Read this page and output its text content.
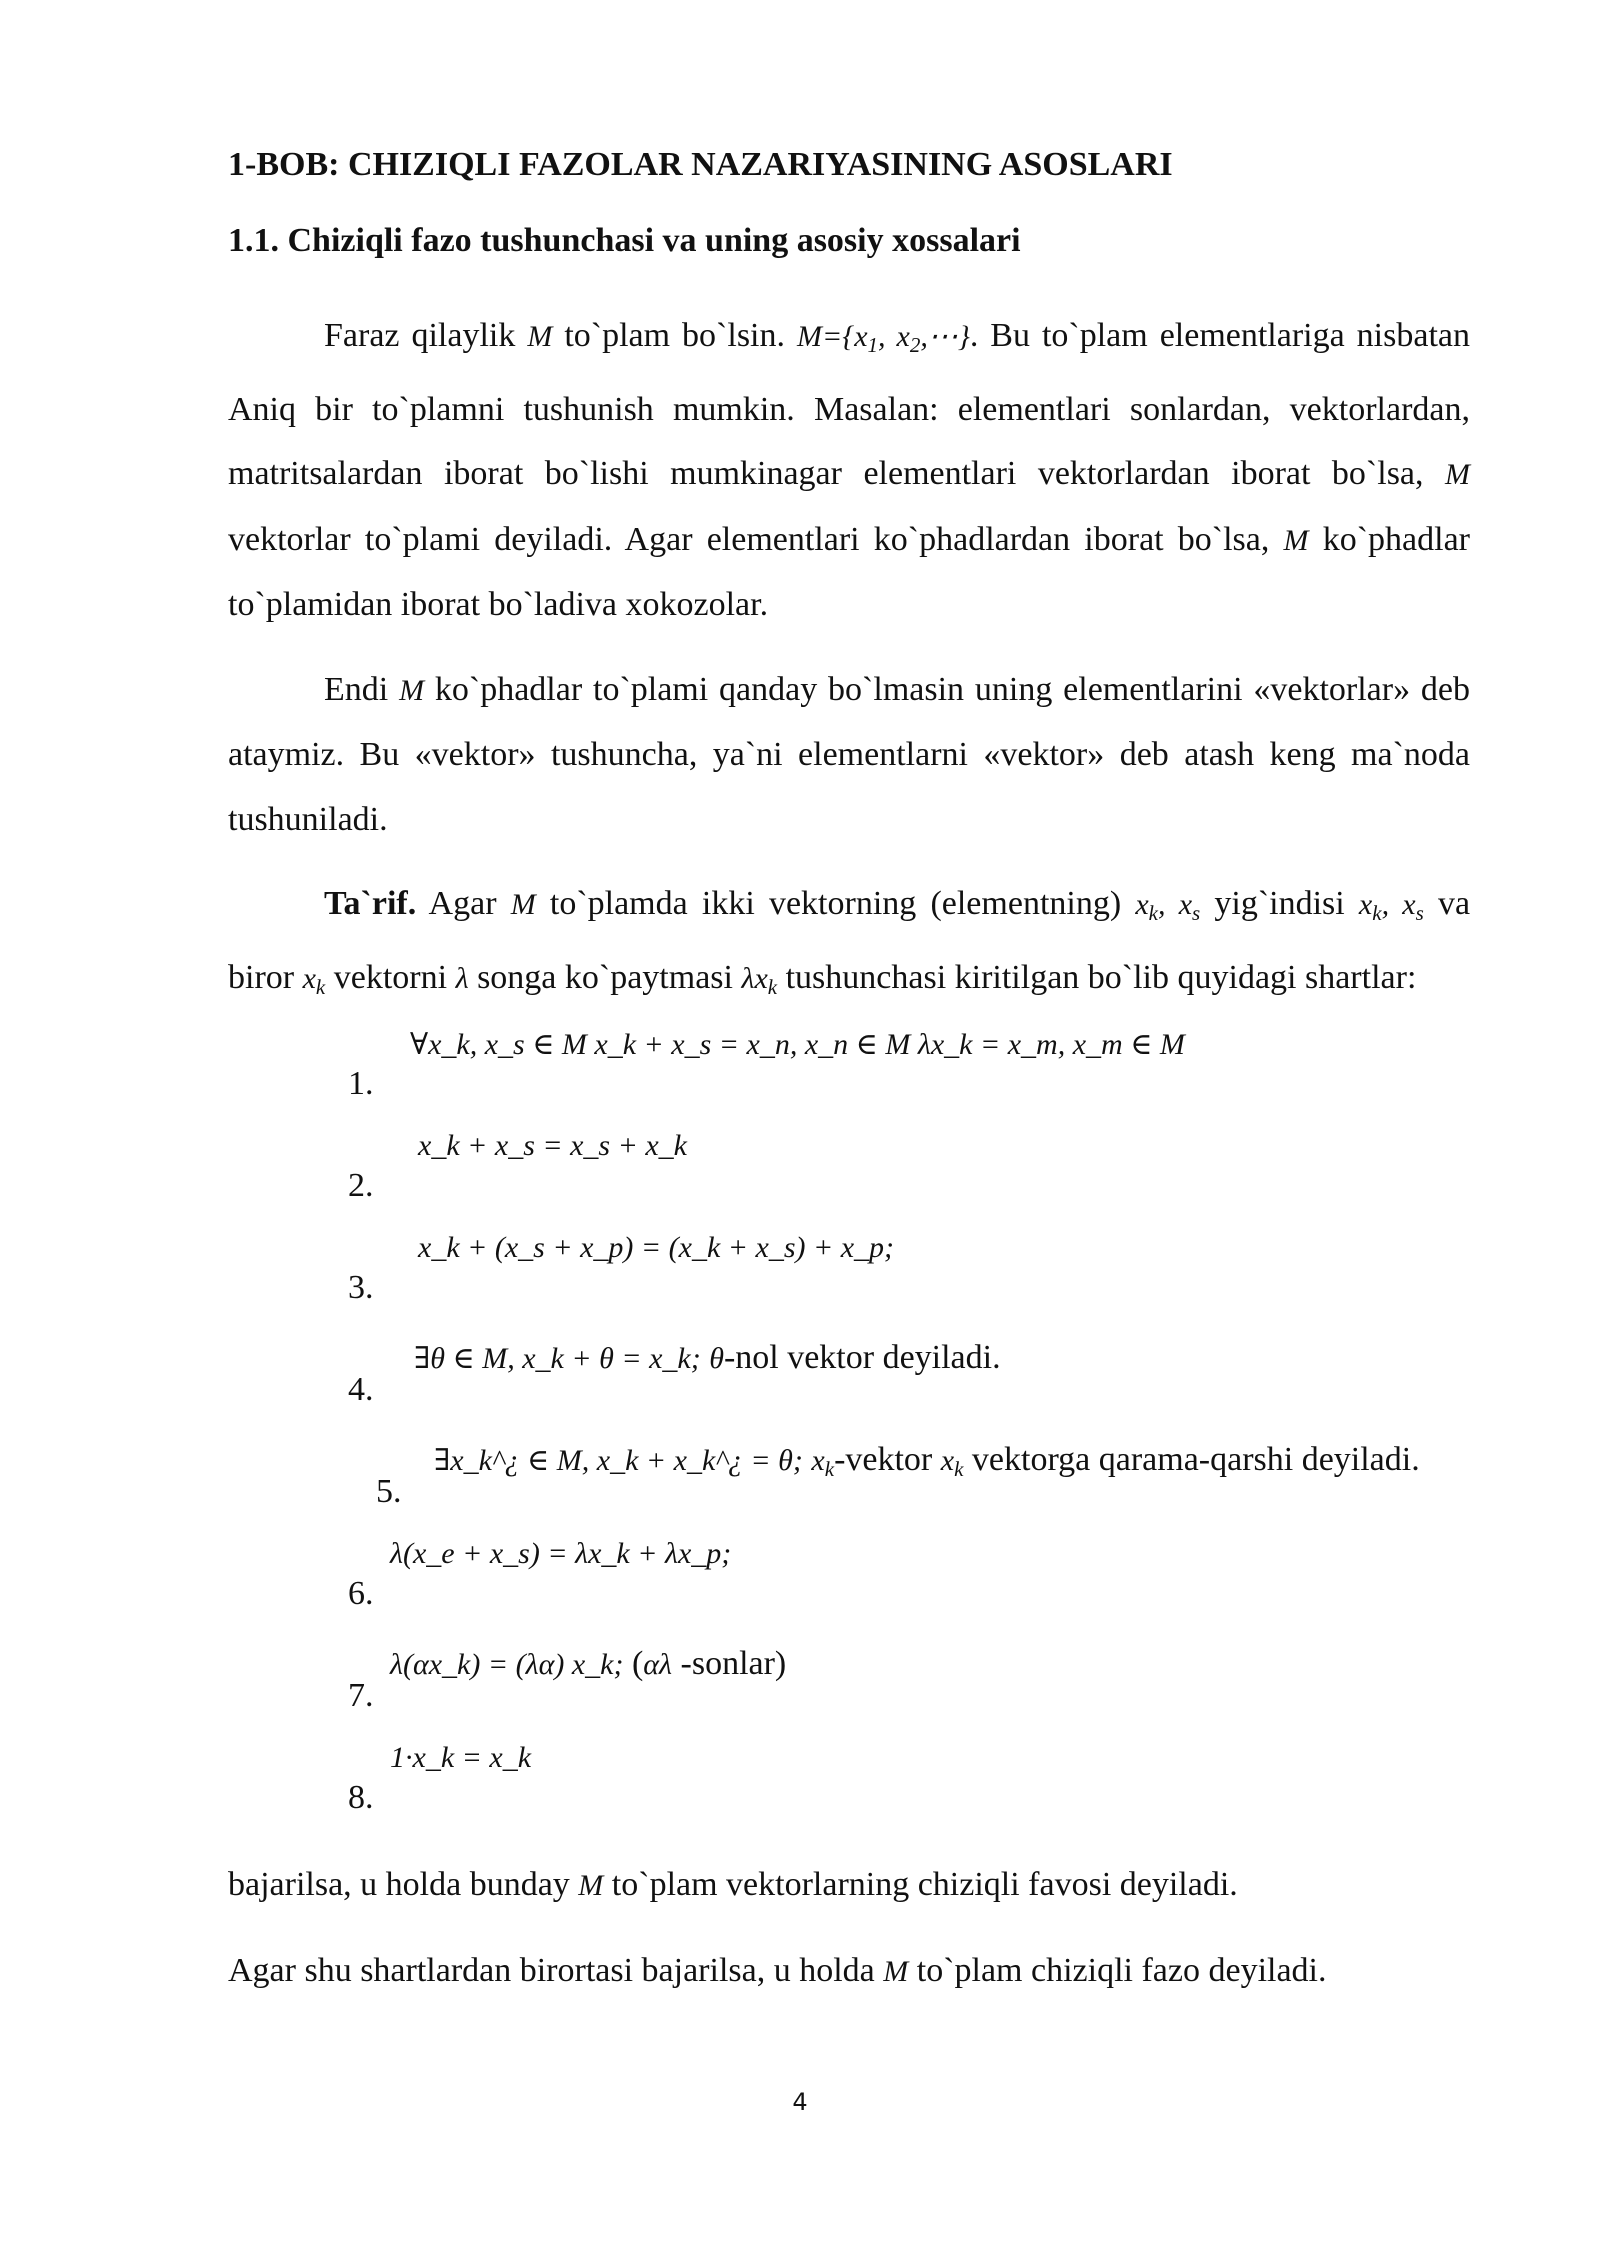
1-BOB: CHIZIQLI FAZOLAR NAZARIYASINING ASOSLARI
1.1. Chiziqli fazo tushunchasi va uning asosiy xossalari

Faraz qilaylik M to`plam bo`lsin. $M=\{x_1$, $x_2,\cdots$}. Bu to`plam elementlariga nisbatan Aniq bir to`plamni tushunish mumkin. Masalan: elementlari sonlardan, vektorlardan, matritsalardan iborat bo`lishi mumkinagar elementlari vektorlardan iborat bo`lsa, M vektorlar to`plami deyiladi. Agar elementlari ko`phadlardan iborat bo`lsa, M ko`phadlar to`plamidan iborat bo`ladiva xokozolar.

Endi M ko`phadlar to`plami qanday bo`lmasin uning elementlarini «vektorlar» deb ataymiz. Bu «vektor» tushuncha, ya`ni elementlarni «vektor» deb atash keng ma`noda tushuniladi.

Ta`rif. Agar M to`plamda ikki vektorning (elementning) $x_k$, $x_s$ yig`indisi $x_k$, $x_s$ va biror $x_k$ vektorni λ songa ko`paytmasi $\lambda x_k$ tushunchasi kiritilgan bo`lib quyidagi shartlar:

1.
∀x_k, x_s ∈ M x_k + x_s = x_n, x_n ∈ M λx_k = x_m, x_m ∈ M
2.
x_k + x_s = x_s + x_k
3.
x_k + (x_s + x_p) = (x_k + x_s) + x_p;
4.
∃θ ∈ M, x_k + θ = x_k; θ-nol vektor deyiladi.
5.
∃x_k^¿ ∈ M, x_k + x_k^¿ = θ; $x_k$-vektor $x_k$ vektorga qarama-qarshi deyiladi.
6.
λ(x_e + x_s) = λx_k + λx_p;
7.
λ(αx_k) = (λα) x_k; (αλ -sonlar)
8.
1·x_k = x_k

bajarilsa, u holda bunday M to`plam vektorlarning chiziqli favosi deyiladi.

Agar shu shartlardan birortasi bajarilsa, u holda M to`plam chiziqli fazo deyiladi.

4
